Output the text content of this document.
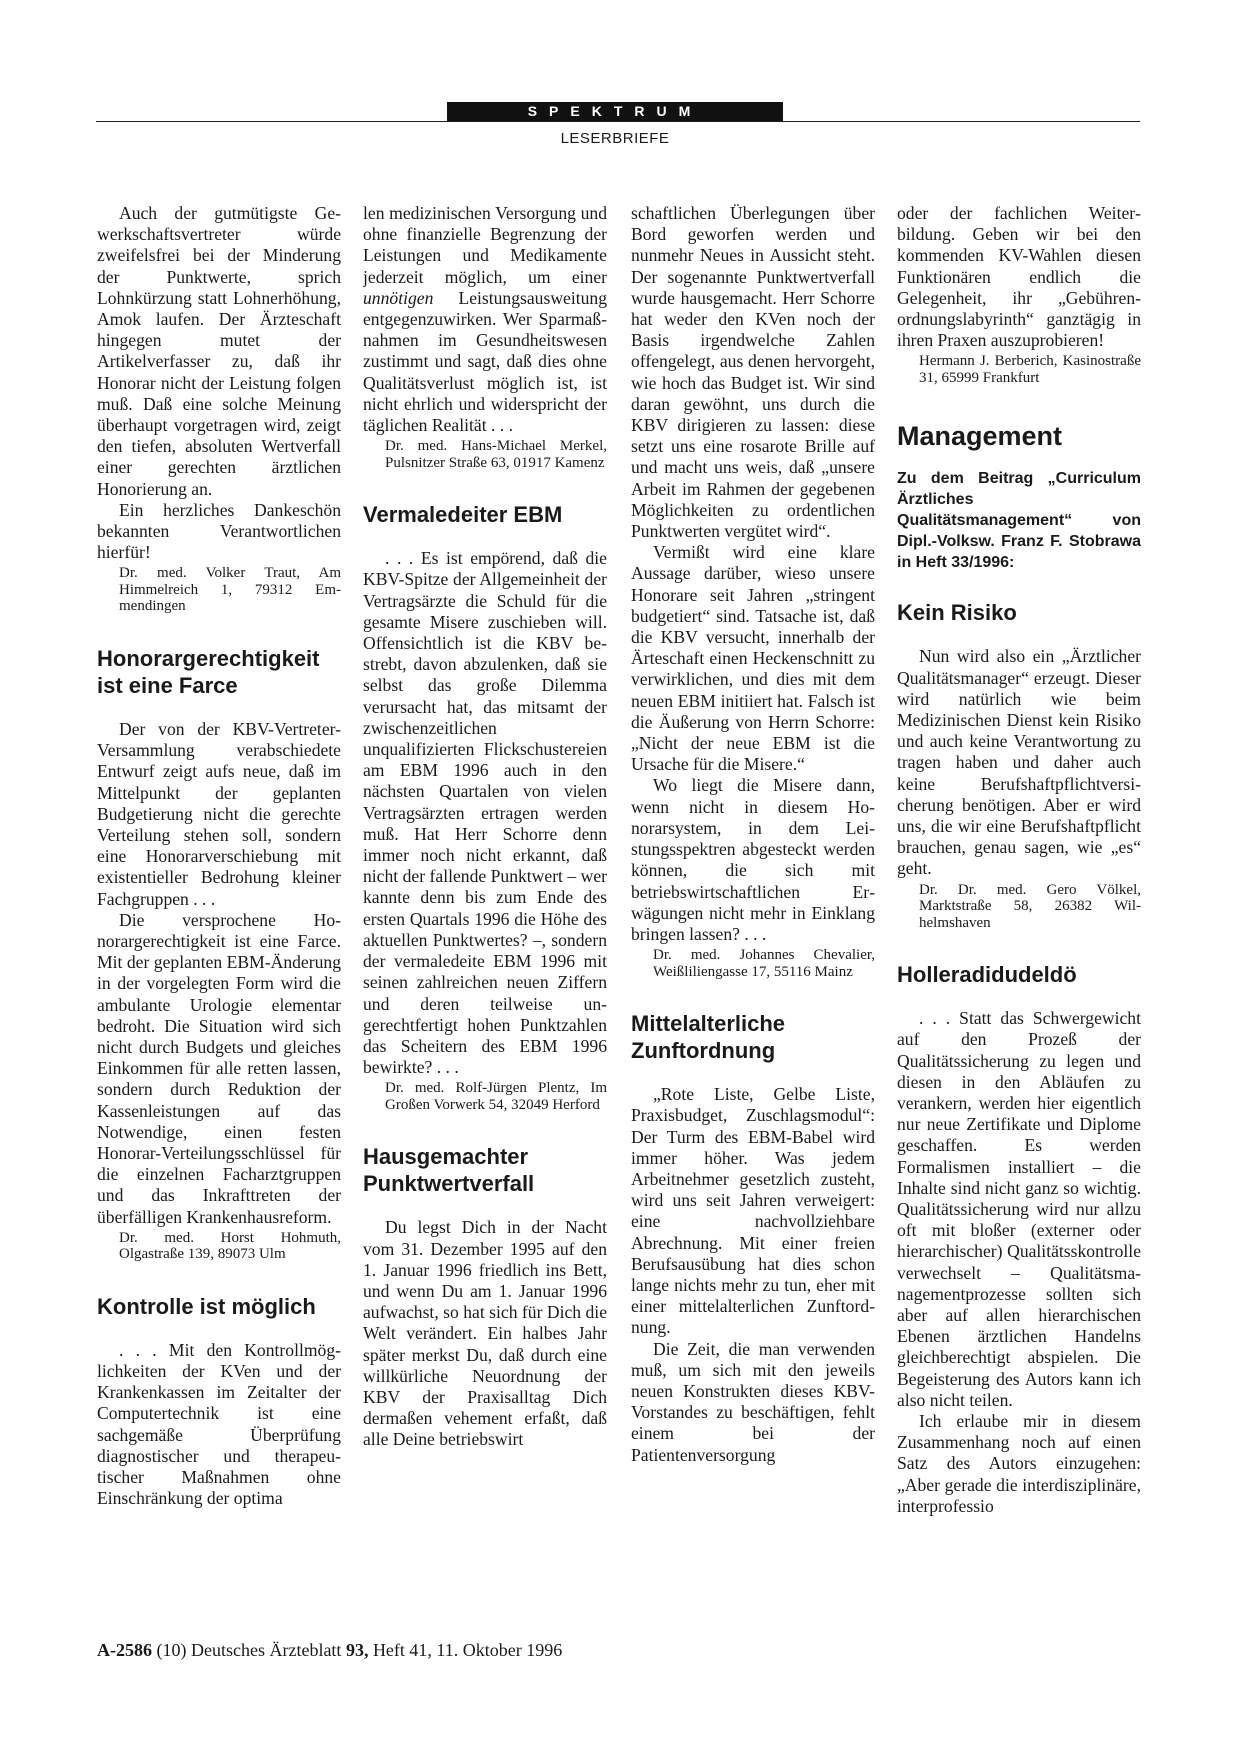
SPEKTRUM
LESERBRIEFE

Auch der gutmütigste Gewerkschaftsvertreter würde zweifelsfrei bei der Minderung der Punktwerte, sprich Lohnkürzung statt Lohnerhöhung, Amok laufen. Der Ärzteschaft hingegen mutet der Artikelverfasser zu, daß ihr Honorar nicht der Leistung folgen muß. Daß eine solche Meinung überhaupt vorgetragen wird, zeigt den tiefen, absoluten Wertverfall einer gerechten ärztlichen Honorierung an.

Ein herzliches Dankeschön bekannten Verantwortlichen hierfür!

Dr. med. Volker Traut, Am Himmelreich 1, 79312 Emmendingen

Honorargerechtigkeit ist eine Farce

Der von der KBV-Vertreter-Versammlung verabschiedete Entwurf zeigt aufs neue, daß im Mittelpunkt der geplanten Budgetierung nicht die gerechte Verteilung stehen soll, sondern eine Honorarverschiebung mit existentieller Bedrohung kleiner Fachgruppen . . .

Die versprochene Honorargerechtigkeit ist eine Farce. Mit der geplanten EBM-Änderung in der vorgelegten Form wird die ambulante Urologie elementar bedroht. Die Situation wird sich nicht durch Budgets und gleiches Einkommen für alle retten lassen, sondern durch Reduktion der Kassenleistungen auf das Notwendige, einen festen Honorar-Verteilungsschlüssel für die einzelnen Facharztgruppen und das Inkrafttreten der überfälligen Krankenhausreform.

Dr. med. Horst Hohmuth, Olgastraße 139, 89073 Ulm

Kontrolle ist möglich

. . . Mit den Kontrollmöglichkeiten der KVen und der Krankenkassen im Zeitalter der Computertechnik ist eine sachgemäße Überprüfung diagnostischer und therapeutischer Maßnahmen ohne Einschränkung der optima

len medizinischen Versorgung und ohne finanzielle Begrenzung der Leistungen und Medikamente jederzeit möglich, um einer unnötigen Leistungsausweitung entgegenzuwirken. Wer Sparmaßnahmen im Gesundheitswesen zustimmt und sagt, daß dies ohne Qualitätsverlust möglich ist, ist nicht ehrlich und widerspricht der täglichen Realität . . .

Dr. med. Hans-Michael Merkel, Pulsnitzer Straße 63, 01917 Kamenz

Vermaledeiter EBM

. . . Es ist empörend, daß die KBV-Spitze der Allgemeinheit der Vertragsärzte die Schuld für die gesamte Misere zuschieben will. Offensichtlich ist die KBV bestrebt, davon abzulenken, daß sie selbst das große Dilemma verursacht hat, das mitsamt der zwischenzeitlichen unqualifizierten Flickschustereien am EBM 1996 auch in den nächsten Quartalen von vielen Vertragsärzten ertragen werden muß. Hat Herr Schorre denn immer noch nicht erkannt, daß nicht der fallende Punktwert – wer kannte denn bis zum Ende des ersten Quartals 1996 die Höhe des aktuellen Punktwertes? –, sondern der vermaledeite EBM 1996 mit seinen zahlreichen neuen Ziffern und deren teilweise ungerechtfertigt hohen Punktzahlen das Scheitern des EBM 1996 bewirkte? . . .

Dr. med. Rolf-Jürgen Plentz, Im Großen Vorwerk 54, 32049 Herford

Hausgemachter Punktwertverfall

Du legst Dich in der Nacht vom 31. Dezember 1995 auf den 1. Januar 1996 friedlich ins Bett, und wenn Du am 1. Januar 1996 aufwachst, so hat sich für Dich die Welt verändert. Ein halbes Jahr später merkst Du, daß durch eine willkürliche Neuordnung der KBV der Praxisalltag Dich dermaßen vehement erfaßt, daß alle Deine betriebswirt

schaftlichen Überlegungen über Bord geworfen werden und nunmehr Neues in Aussicht steht. Der sogenannte Punktwertverfall wurde hausgemacht. Herr Schorre hat weder den KVen noch der Basis irgendwelche Zahlen offengelegt, aus denen hervorgeht, wie hoch das Budget ist. Wir sind daran gewöhnt, uns durch die KBV dirigieren zu lassen: diese setzt uns eine rosarote Brille auf und macht uns weis, daß „unsere Arbeit im Rahmen der gegebenen Möglichkeiten zu ordentlichen Punktwerten vergütet wird“.

Vermißt wird eine klare Aussage darüber, wieso unsere Honorare seit Jahren „stringent budgetiert“ sind. Tatsache ist, daß die KBV versucht, innerhalb der Ärteschaft einen Heckenschnitt zu verwirklichen, und dies mit dem neuen EBM initiiert hat. Falsch ist die Äußerung von Herrn Schorre: „Nicht der neue EBM ist die Ursache für die Misere.“

Wo liegt die Misere dann, wenn nicht in diesem Honorarsystem, in dem Leistungsspektren abgesteckt werden können, die sich mit betriebswirtschaftlichen Erwägungen nicht mehr in Einklang bringen lassen? . . .

Dr. med. Johannes Chevalier, Weißliliengasse 17, 55116 Mainz

Mittelalterliche Zunftordnung

„Rote Liste, Gelbe Liste, Praxisbudget, Zuschlagsmodul“: Der Turm des EBM-Babel wird immer höher. Was jedem Arbeitnehmer gesetzlich zusteht, wird uns seit Jahren verweigert: eine nachvollziehbare Abrechnung. Mit einer freien Berufsausübung hat dies schon lange nichts mehr zu tun, eher mit einer mittelalterlichen Zunftordnung.

Die Zeit, die man verwenden muß, um sich mit den jeweils neuen Konstrukten dieses KBV-Vorstandes zu beschäftigen, fehlt einem bei der Patientenversorgung

oder der fachlichen Weiterbildung. Geben wir bei den kommenden KV-Wahlen diesen Funktionären endlich die Gelegenheit, ihr „Gebührenordnungslabyrinth“ ganztägig in ihren Praxen auszuprobieren!

Hermann J. Berberich, Kasinostraße 31, 65999 Frankfurt

Management

Zu dem Beitrag „Curriculum Ärztliches Qualitätsmanagement“ von Dipl.-Volksw. Franz F. Stobrawa in Heft 33/1996:

Kein Risiko

Nun wird also ein „Ärztlicher Qualitätsmanager“ erzeugt. Dieser wird natürlich wie beim Medizinischen Dienst kein Risiko und auch keine Verantwortung zu tragen haben und daher auch keine Berufshaftpflichtversicherung benötigen. Aber er wird uns, die wir eine Berufshaftpflicht brauchen, genau sagen, wie „es“ geht.

Dr. Dr. med. Gero Völkel, Marktstraße 58, 26382 Wilhelmshaven

Holleradidudeldö

. . . Statt das Schwergewicht auf den Prozeß der Qualitätssicherung zu legen und diesen in den Abläufen zu verankern, werden hier eigentlich nur neue Zertifikate und Diplome geschaffen. Es werden Formalismen installiert – die Inhalte sind nicht ganz so wichtig. Qualitätssicherung wird nur allzu oft mit bloßer (externer oder hierarchischer) Qualitätsskontrolle verwechselt – Qualitätsmanagementprozesse sollten sich aber auf allen hierarchischen Ebenen ärztlichen Handelns gleichberechtigt abspielen. Die Begeisterung des Autors kann ich also nicht teilen.

Ich erlaube mir in diesem Zusammenhang noch auf einen Satz des Autors einzugehen: „Aber gerade die interdisziplinäre, interprofessio

A-2586 (10) Deutsches Ärzteblatt 93, Heft 41, 11. Oktober 1996
